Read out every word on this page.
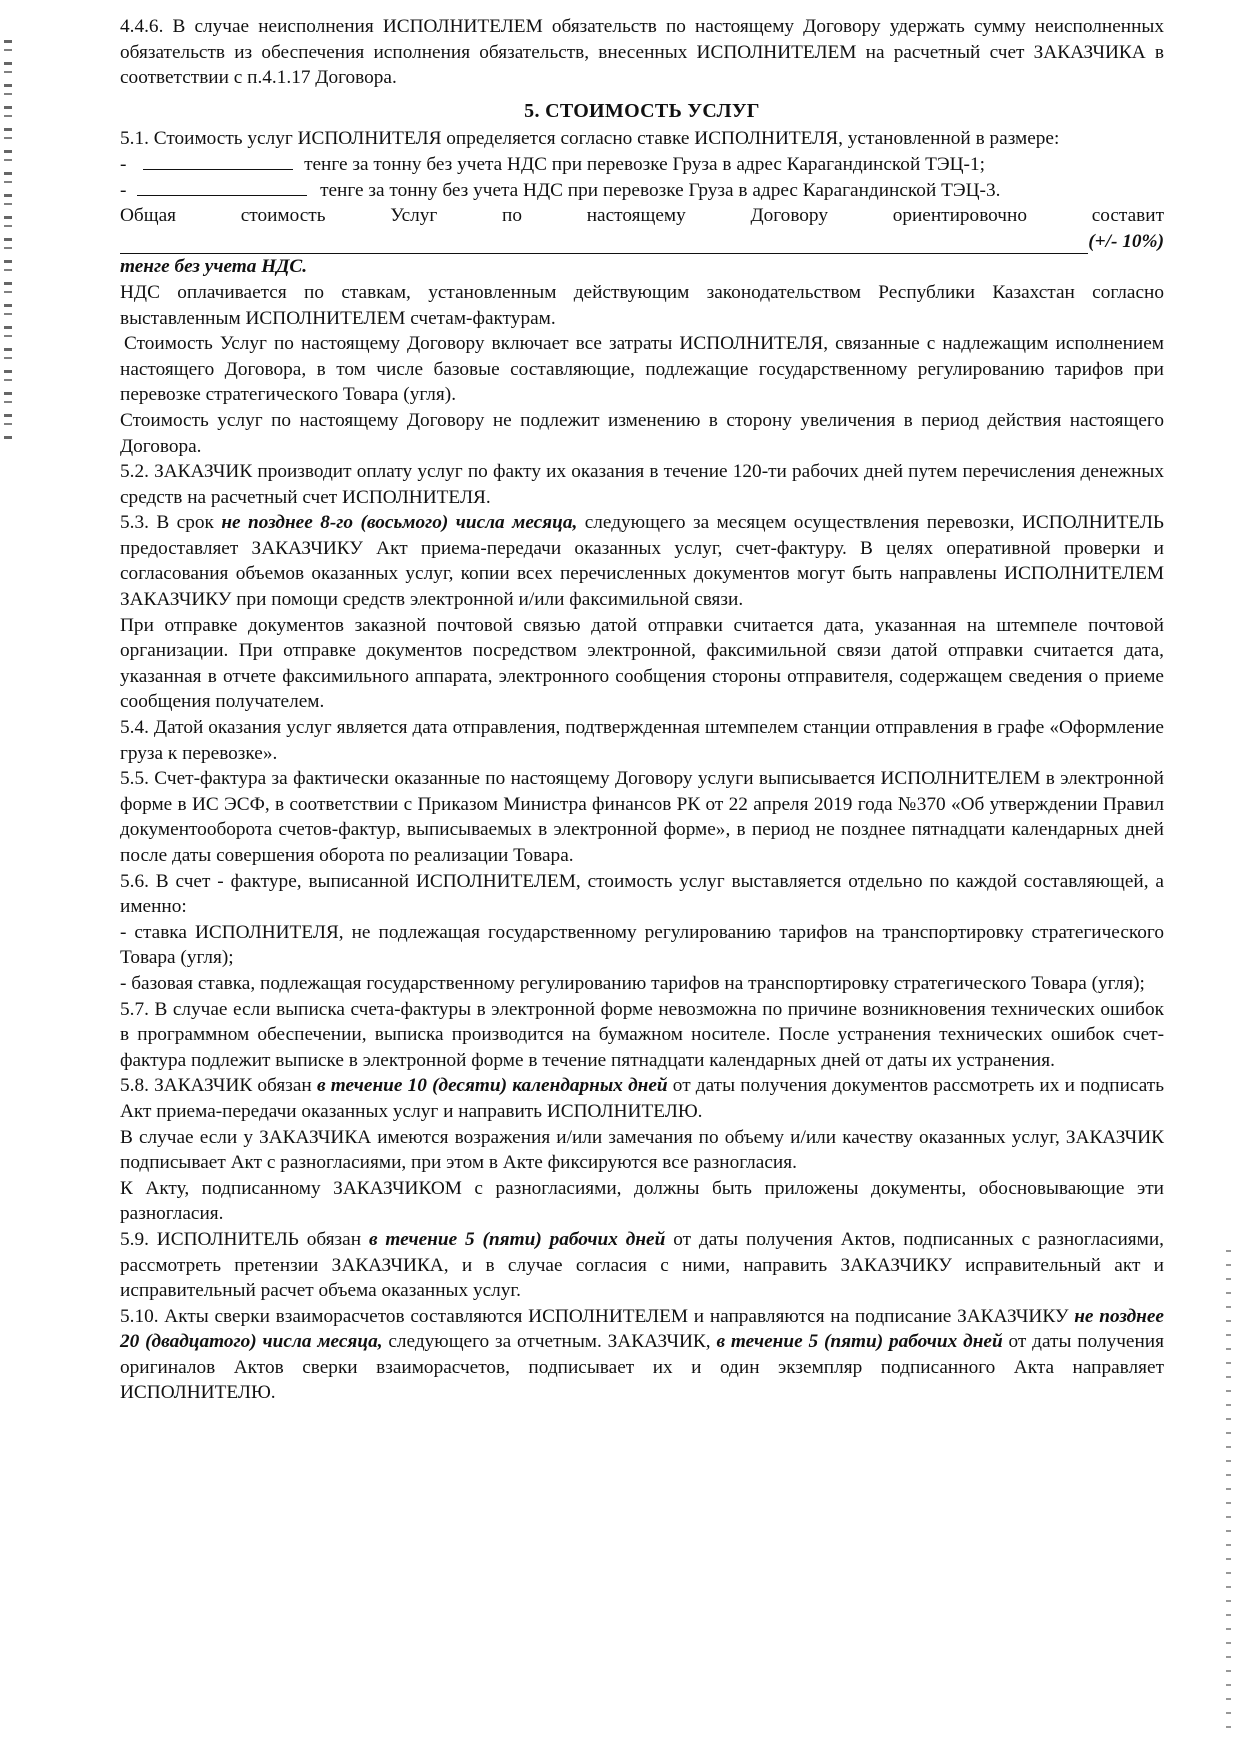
4.4.6. В случае неисполнения ИСПОЛНИТЕЛЕМ обязательств по настоящему Договору удержать сумму неисполненных обязательств из обеспечения исполнения обязательств, внесенных ИСПОЛНИТЕЛЕМ на расчетный счет ЗАКАЗЧИКА в соответствии с п.4.1.17 Договора.

5. СТОИМОСТЬ УСЛУГ

5.1. Стоимость услуг ИСПОЛНИТЕЛЯ определяется согласно ставке ИСПОЛНИТЕЛЯ, установленной в размере:

-	тенге за тонну без учета НДС при перевозке Груза в адрес Карагандинской ТЭЦ-1;
-	тенге за тонну без учета НДС при перевозке Груза в адрес Карагандинской ТЭЦ-3.
Общая	стоимость	Услуг	по	настоящему	Договору	ориентировочно	составит
(+/- 10%)

тенге без учета НДС.

НДС оплачивается по ставкам, установленным действующим законодательством Республики Казахстан согласно выставленным ИСПОЛНИТЕЛЕМ счетам-фактурам.

Стоимость Услуг по настоящему Договору включает все затраты ИСПОЛНИТЕЛЯ, связанные с надлежащим исполнением настоящего Договора, в том числе базовые составляющие, подлежащие государственному регулированию тарифов при перевозке стратегического Товара (угля).

Стоимость услуг по настоящему Договору не подлежит изменению в сторону увеличения в период действия настоящего Договора.

5.2. ЗАКАЗЧИК производит оплату услуг по факту их оказания в течение 120-ти рабочих дней путем перечисления денежных средств на расчетный счет ИСПОЛНИТЕЛЯ.

5.3. В срок не позднее 8-го (восьмого) числа месяца, следующего за месяцем осуществления перевозки, ИСПОЛНИТЕЛЬ предоставляет ЗАКАЗЧИКУ Акт приема-передачи оказанных услуг, счет-фактуру. В целях оперативной проверки и согласования объемов оказанных услуг, копии всех перечисленных документов могут быть направлены ИСПОЛНИТЕЛЕМ ЗАКАЗЧИКУ при помощи средств электронной и/или факсимильной связи.

При отправке документов заказной почтовой связью датой отправки считается дата, указанная на штемпеле почтовой организации. При отправке документов посредством электронной, факсимильной связи датой отправки считается дата, указанная в отчете факсимильного аппарата, электронного сообщения стороны отправителя, содержащем сведения о приеме сообщения получателем.

5.4. Датой оказания услуг является дата отправления, подтвержденная штемпелем станции отправления в графе «Оформление груза к перевозке».

5.5. Счет-фактура за фактически оказанные по настоящему Договору услуги выписывается ИСПОЛНИТЕЛЕМ в электронной форме в ИС ЭСФ, в соответствии с Приказом Министра финансов РК от 22 апреля 2019 года №370 «Об утверждении Правил документооборота счетов-фактур, выписываемых в электронной форме», в период не позднее пятнадцати календарных дней после даты совершения оборота по реализации Товара.

5.6. В счет - фактуре, выписанной ИСПОЛНИТЕЛЕМ, стоимость услуг выставляется отдельно по каждой составляющей, а именно:

- ставка ИСПОЛНИТЕЛЯ, не подлежащая государственному регулированию тарифов на транспортировку стратегического Товара (угля);

- базовая ставка, подлежащая государственному регулированию тарифов на транспортировку стратегического Товара (угля);

5.7. В случае если выписка счета-фактуры в электронной форме невозможна по причине возникновения технических ошибок в программном обеспечении, выписка производится на бумажном носителе. После устранения технических ошибок счет-фактура подлежит выписке в электронной форме в течение пятнадцати календарных дней от даты их устранения.

5.8. ЗАКАЗЧИК обязан в течение 10 (десяти) календарных дней от даты получения документов рассмотреть их и подписать Акт приема-передачи оказанных услуг и направить ИСПОЛНИТЕЛЮ.

В случае если у ЗАКАЗЧИКА имеются возражения и/или замечания по объему и/или качеству оказанных услуг, ЗАКАЗЧИК подписывает Акт с разногласиями, при этом в Акте фиксируются все разногласия.

К Акту, подписанному ЗАКАЗЧИКОМ с разногласиями, должны быть приложены документы, обосновывающие эти разногласия.

5.9. ИСПОЛНИТЕЛЬ обязан в течение 5 (пяти) рабочих дней от даты получения Актов, подписанных с разногласиями, рассмотреть претензии ЗАКАЗЧИКА, и в случае согласия с ними, направить ЗАКАЗЧИКУ исправительный акт и исправительный расчет объема оказанных услуг.

5.10. Акты сверки взаиморасчетов составляются ИСПОЛНИТЕЛЕМ и направляются на подписание ЗАКАЗЧИКУ не позднее 20 (двадцатого) числа месяца, следующего за отчетным. ЗАКАЗЧИК, в течение 5 (пяти) рабочих дней от даты получения оригиналов Актов сверки взаиморасчетов, подписывает их и один экземпляр подписанного Акта направляет ИСПОЛНИТЕЛЮ.
